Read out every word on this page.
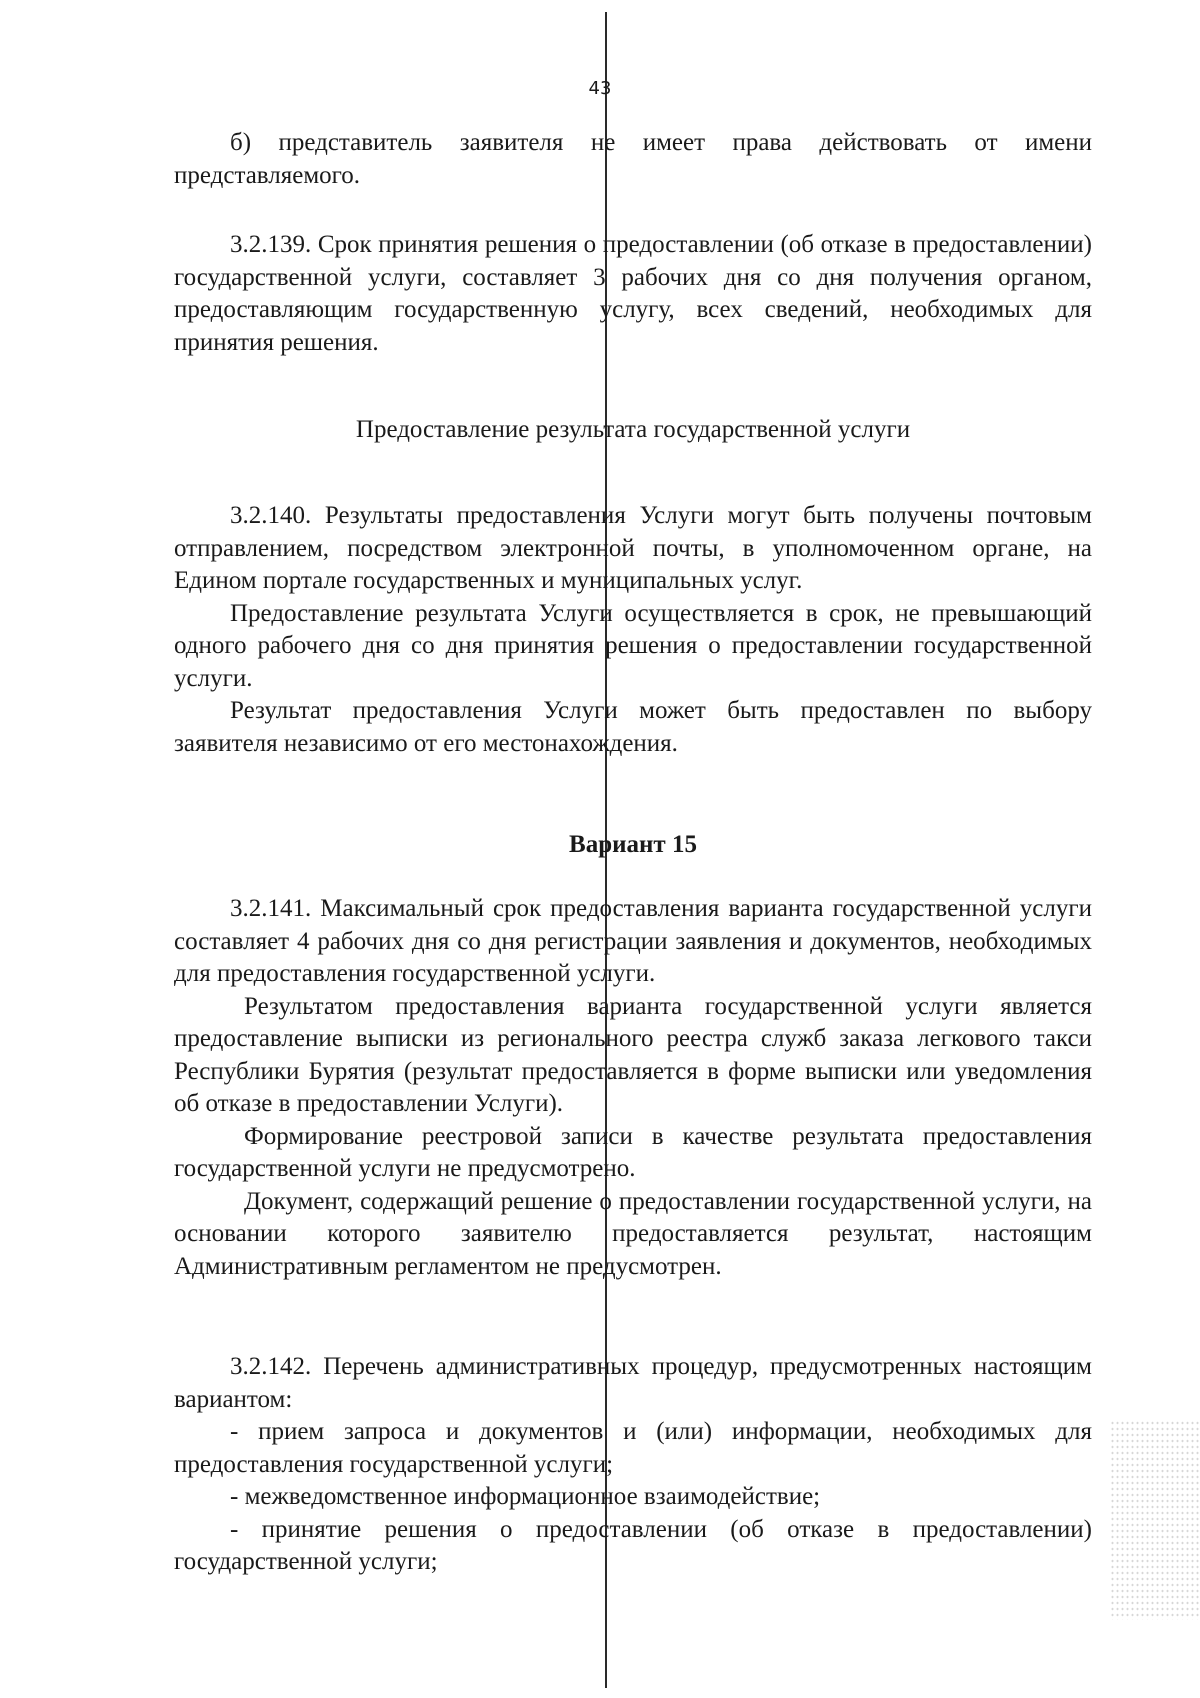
43

б) представитель заявителя не имеет права действовать от имени представляемого.

3.2.139. Срок принятия решения о предоставлении (об отказе в предоставлении) государственной услуги, составляет 3 рабочих дня со дня получения органом, предоставляющим государственную услугу, всех сведений, необходимых для принятия решения.

Предоставление результата государственной услуги

3.2.140. Результаты предоставления Услуги могут быть получены почтовым отправлением, посредством электронной почты, в уполномоченном органе, на Едином портале государственных и муниципальных услуг.

Предоставление результата Услуги осуществляется в срок, не превышающий одного рабочего дня со дня принятия решения о предоставлении государственной услуги.

Результат предоставления Услуги может быть предоставлен по выбору заявителя независимо от его местонахождения.

Вариант 15

3.2.141. Максимальный срок предоставления варианта государственной услуги составляет 4 рабочих дня со дня регистрации заявления и документов, необходимых для предоставления государственной услуги.

Результатом предоставления варианта государственной услуги является предоставление выписки из регионального реестра служб заказа легкового такси Республики Бурятия (результат предоставляется в форме выписки или уведомления об отказе в предоставлении Услуги).

Формирование реестровой записи в качестве результата предоставления государственной услуги не предусмотрено.

Документ, содержащий решение о предоставлении государственной услуги, на основании которого заявителю предоставляется результат, настоящим Административным регламентом не предусмотрен.

3.2.142. Перечень административных процедур, предусмотренных настоящим вариантом:

- прием запроса и документов и (или) информации, необходимых для предоставления государственной услуги;

- межведомственное информационное взаимодействие;

- принятие решения о предоставлении (об отказе в предоставлении) государственной услуги;
